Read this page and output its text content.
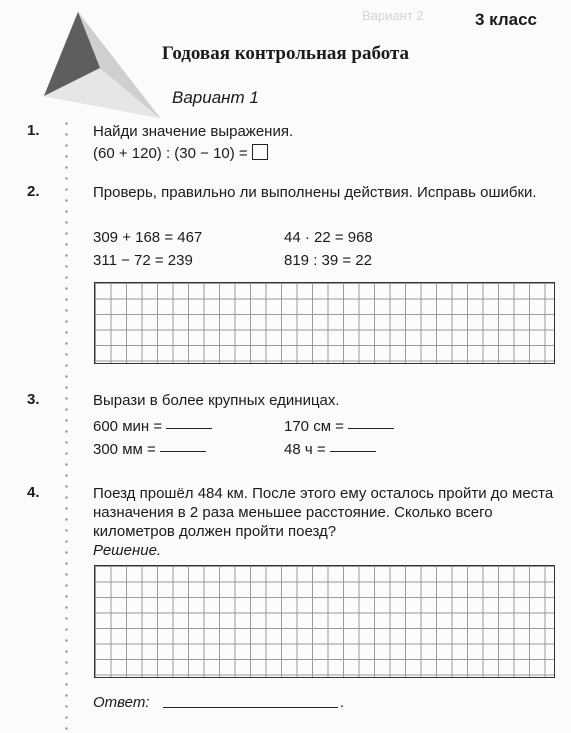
Вариант 2	3 класс
Годовая контрольная работа
Вариант 1
1.	Найди значение выражения.
(60 + 120) : (30 − 10) =
2.	Проверь, правильно ли выполнены действия. Исправь ошибки.
309 + 168 = 467	44 · 22 = 968
311 − 72 = 239	819 : 39 = 22
3.	Вырази в более крупных единицах.
600 мин =	170 см =
300 мм =	48 ч =
4.	Поезд прошёл 484 км. После этого ему осталось пройти до места назначения в 2 раза меньшее расстояние. Сколько всего километров должен пройти поезд?
Решение.
Ответ:	.
